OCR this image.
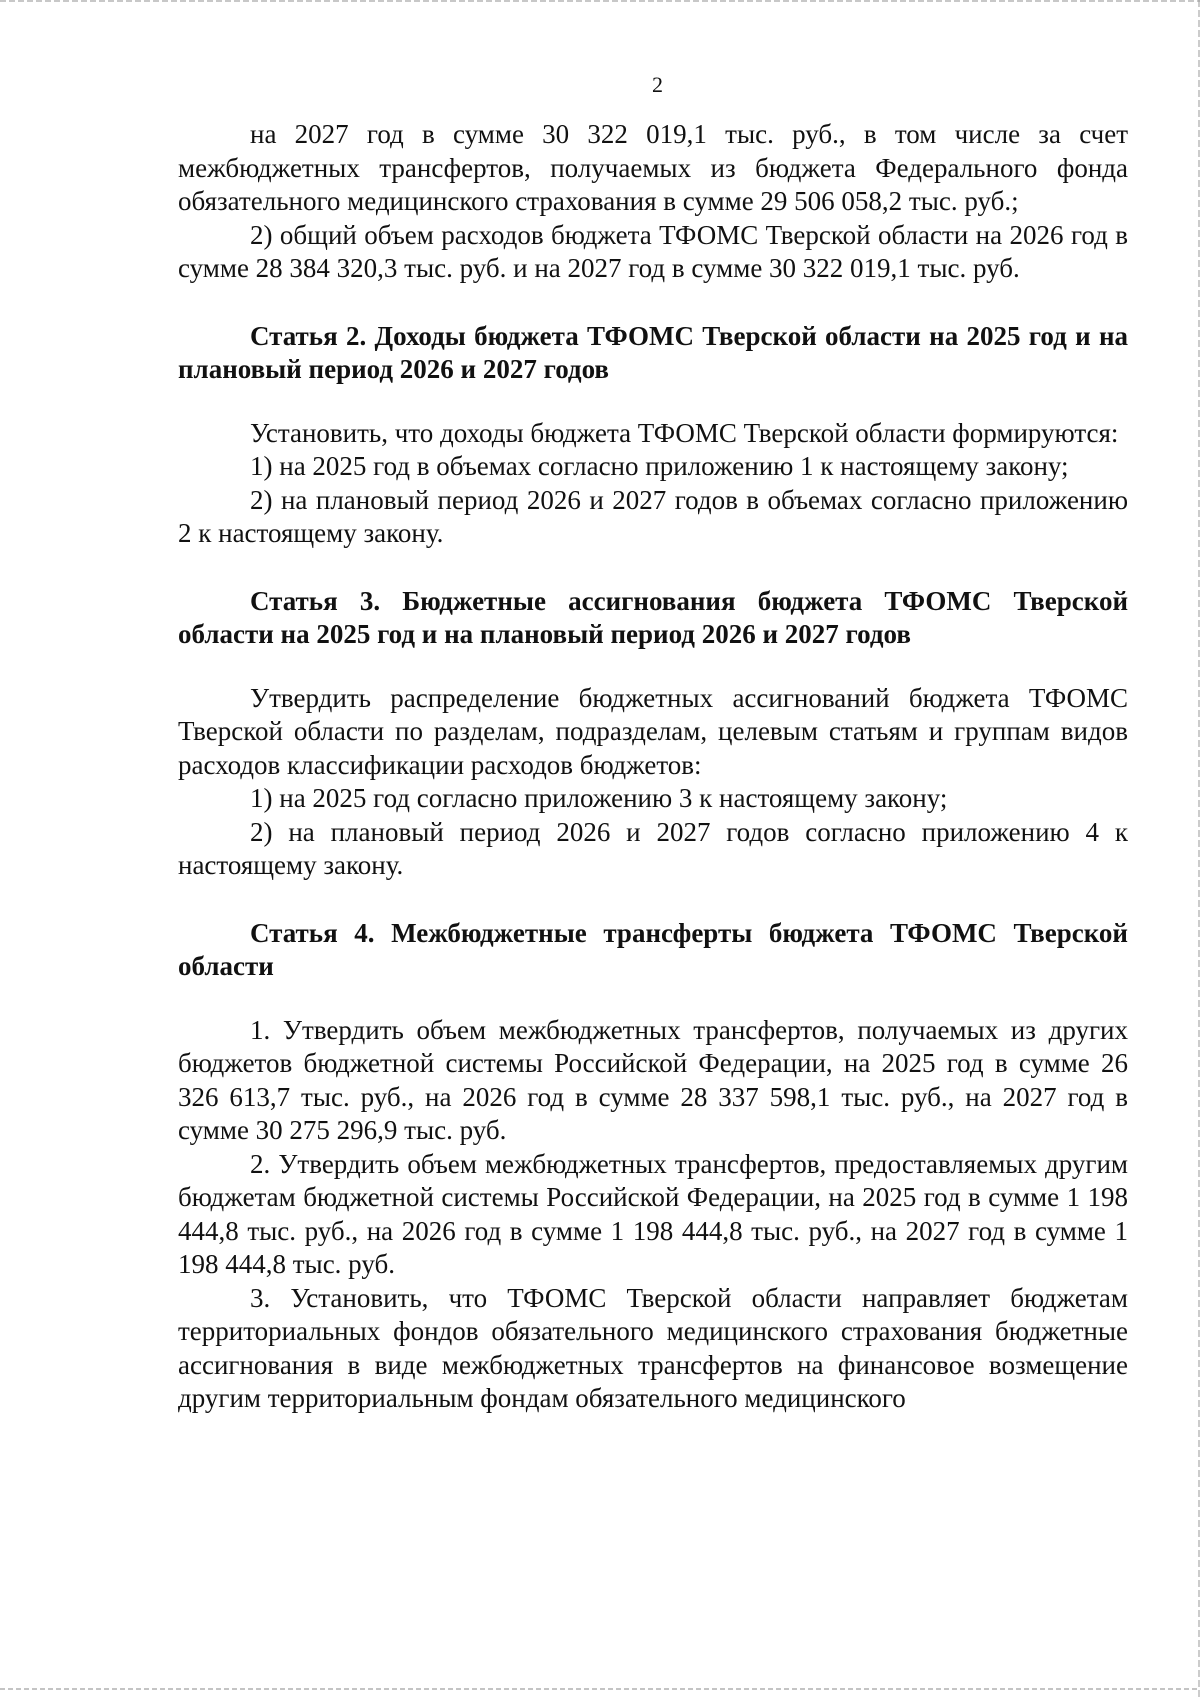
2

на 2027 год в сумме 30 322 019,1 тыс. руб., в том числе за счет межбюджетных трансфертов, получаемых из бюджета Федерального фонда обязательного медицинского страхования в сумме 29 506 058,2 тыс. руб.;

2) общий объем расходов бюджета ТФОМС Тверской области на 2026 год в сумме 28 384 320,3 тыс. руб. и на 2027 год в сумме 30 322 019,1 тыс. руб.

Статья 2. Доходы бюджета ТФОМС Тверской области на 2025 год и на плановый период 2026 и 2027 годов

Установить, что доходы бюджета ТФОМС Тверской области формируются:

1) на 2025 год в объемах согласно приложению 1 к настоящему закону;

2) на плановый период 2026 и 2027 годов в объемах согласно приложению 2 к настоящему закону.

Статья 3. Бюджетные ассигнования бюджета ТФОМС Тверской области на 2025 год и на плановый период 2026 и 2027 годов

Утвердить распределение бюджетных ассигнований бюджета ТФОМС Тверской области по разделам, подразделам, целевым статьям и группам видов расходов классификации расходов бюджетов:

1) на 2025 год согласно приложению 3 к настоящему закону;

2) на плановый период 2026 и 2027 годов согласно приложению 4 к настоящему закону.

Статья 4. Межбюджетные трансферты бюджета ТФОМС Тверской области

1. Утвердить объем межбюджетных трансфертов, получаемых из других бюджетов бюджетной системы Российской Федерации, на 2025 год в сумме 26 326 613,7 тыс. руб., на 2026 год в сумме 28 337 598,1 тыс. руб., на 2027 год в сумме 30 275 296,9 тыс. руб.

2. Утвердить объем межбюджетных трансфертов, предоставляемых другим бюджетам бюджетной системы Российской Федерации, на 2025 год в сумме 1 198 444,8 тыс. руб., на 2026 год в сумме 1 198 444,8 тыс. руб., на 2027 год в сумме 1 198 444,8 тыс. руб.

3. Установить, что ТФОМС Тверской области направляет бюджетам территориальных фондов обязательного медицинского страхования бюджетные ассигнования в виде межбюджетных трансфертов на финансовое возмещение другим территориальным фондам обязательного медицинского
